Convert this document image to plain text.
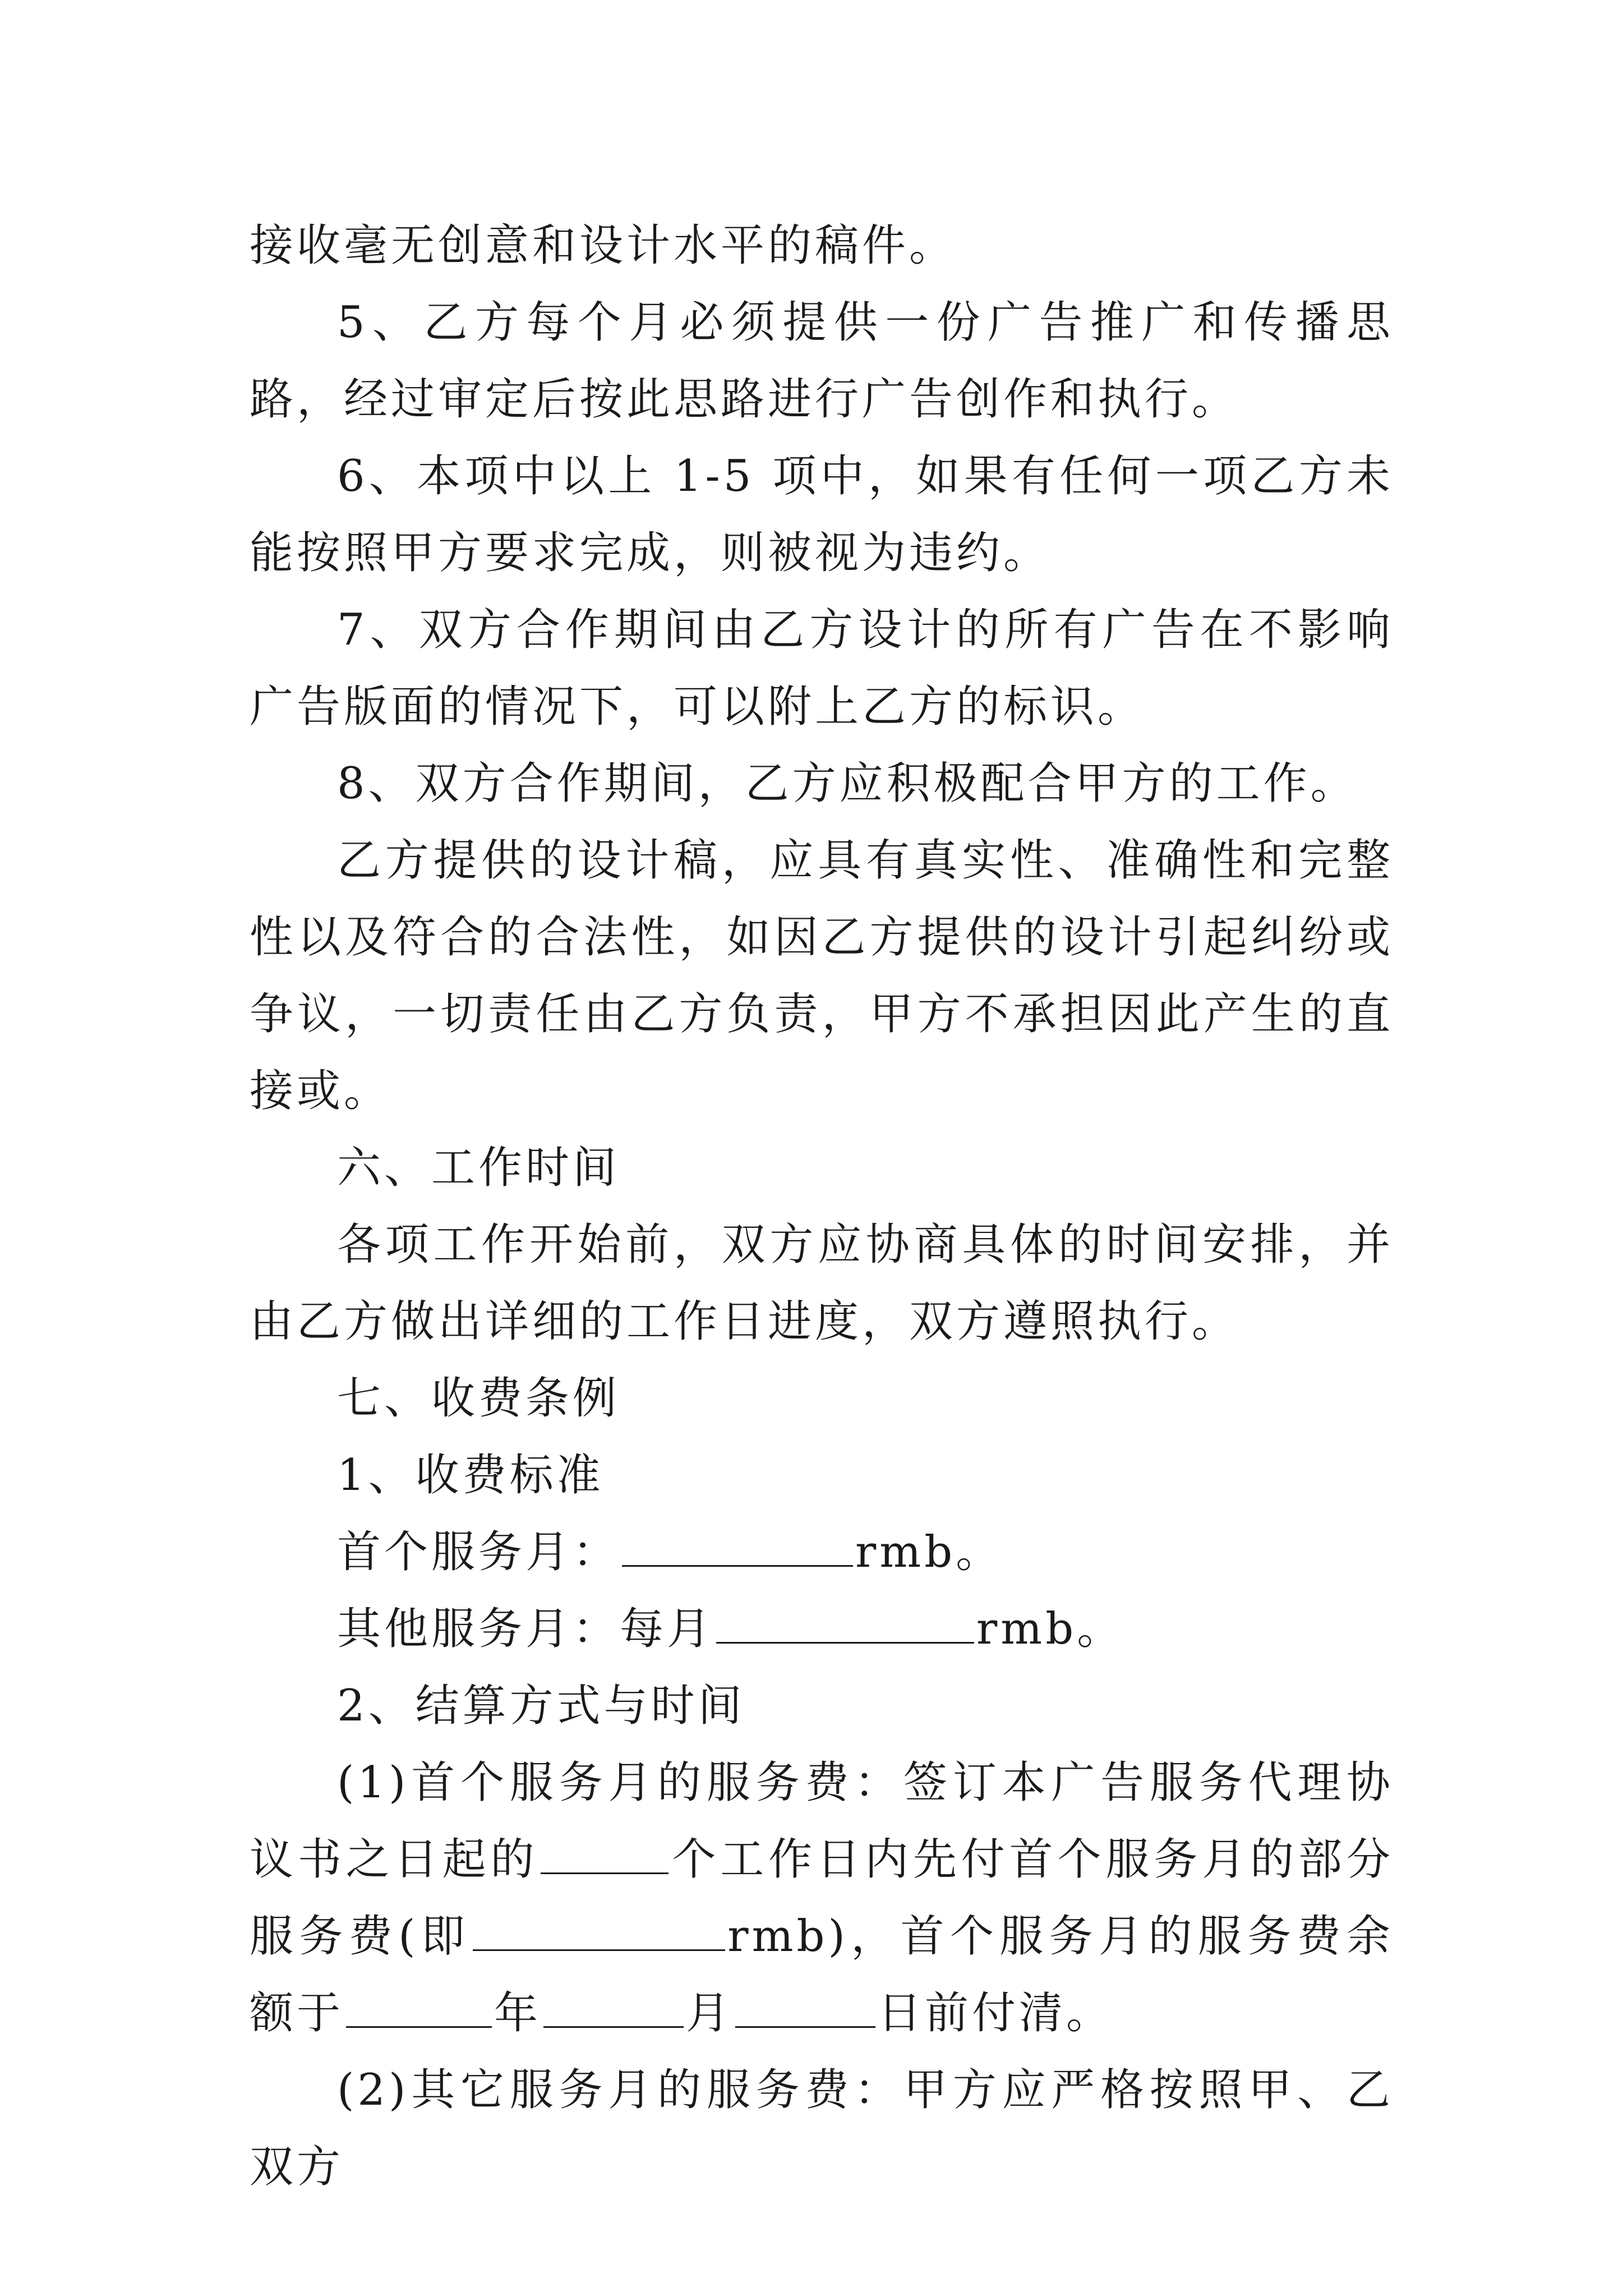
接收毫无创意和设计水平的稿件。

5、乙方每个月必须提供一份广告推广和传播思路，经过审定后按此思路进行广告创作和执行。

6、本项中以上 1-5 项中，如果有任何一项乙方未能按照甲方要求完成，则被视为违约。

7、双方合作期间由乙方设计的所有广告在不影响广告版面的情况下，可以附上乙方的标识。

8、双方合作期间，乙方应积极配合甲方的工作。

乙方提供的设计稿，应具有真实性、准确性和完整性以及符合的合法性，如因乙方提供的设计引起纠纷或争议，一切责任由乙方负责，甲方不承担因此产生的直接或。

六、工作时间

各项工作开始前，双方应协商具体的时间安排，并由乙方做出详细的工作日进度，双方遵照执行。

七、收费条例

1、收费标准

首个服务月：	rmb。

其他服务月：每月	rmb。

2、结算方式与时间

(1)首个服务月的服务费：签订本广告服务代理协议书之日起的	个工作日内先付首个服务月的部分服务费(即	rmb)，首个服务月的服务费余额于	年	月	日前付清。

(2)其它服务月的服务费：甲方应严格按照甲、乙双方
